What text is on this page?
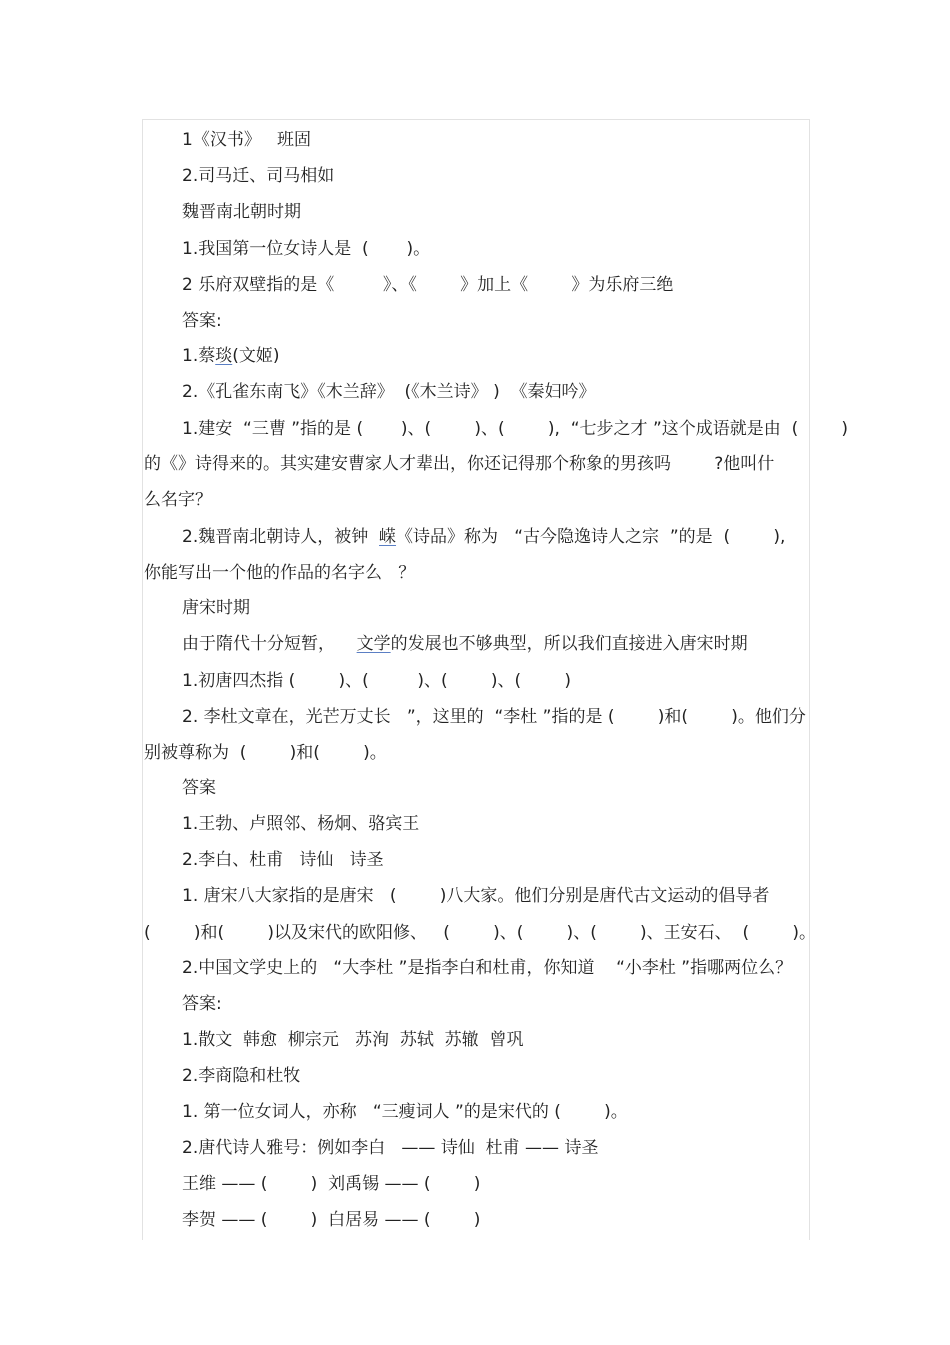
1《汉书》   班固
2.司马迁、司马相如
魏晋南北朝时期
1.我国第一位女诗人是  (       )。
2 乐府双壁指的是《         》、《        》加上《        》为乐府三绝
答案:
1.蔡琰(文姬)
2.《孔雀东南飞》《木兰辞》  (《木兰诗》 )  《秦妇吟》
1.建安  “三曹 ”指的是 (       )、(        )、(        ),  “七步之才 ”这个成语就是由  (        )
的《》诗得来的。其实建安曹家人才辈出，你还记得那个称象的男孩吗        ?他叫什
么名字？
2.魏晋南北朝诗人，被钟  嵘《诗品》称为   “古今隐逸诗人之宗  ”的是  (        ),
你能写出一个他的作品的名字么   ？
唐宋时期
由于隋代十分短暂，    文学的发展也不够典型，所以我们直接进入唐宋时期
1.初唐四杰指 (        )、(         )、(        )、(        )
2. 李杜文章在，光芒万丈长   ”，这里的  “李杜 ”指的是 (        )和(        )。他们分
别被尊称为  (        )和(        )。
答案
1.王勃、卢照邻、杨炯、骆宾王
2.李白、杜甫   诗仙   诗圣
1. 唐宋八大家指的是唐宋   (        )八大家。他们分别是唐代古文运动的倡导者
(        )和(        )以及宋代的欧阳修、   (        )、(        )、(        )、王安石、  (        )。
2.中国文学史上的   “大李杜 ”是指李白和杜甫，你知道    “小李杜 ”指哪两位么？
答案:
1.散文  韩愈  柳宗元   苏洵  苏轼  苏辙  曾巩
2.李商隐和杜牧
1. 第一位女词人，亦称   “三瘦词人 ”的是宋代的 (        )。
2.唐代诗人雅号：例如李白   —— 诗仙  杜甫 —— 诗圣
王维 —— (        )  刘禹锡 —— (        )
李贺 —— (        )  白居易 —— (        )
